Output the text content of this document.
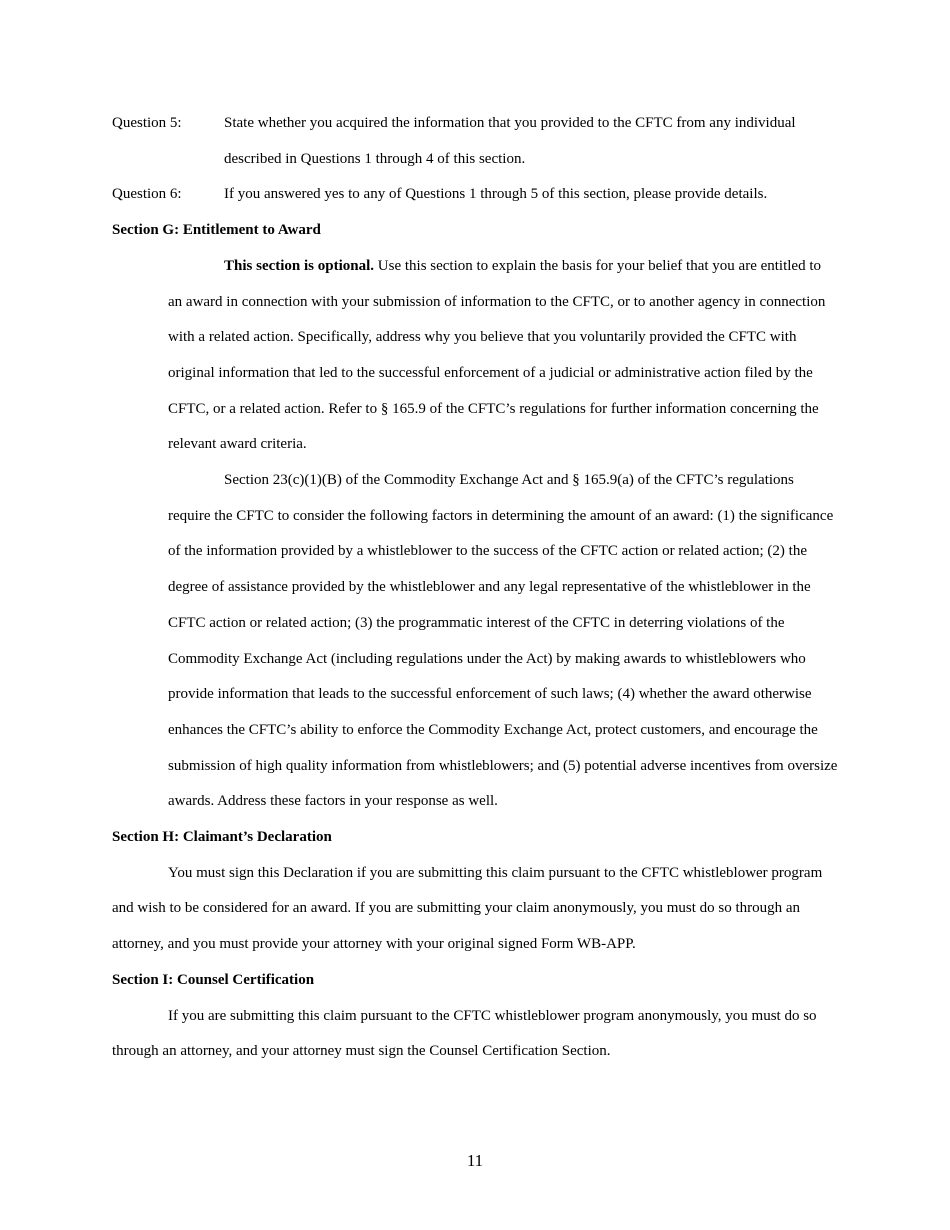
Question 5:	State whether you acquired the information that you provided to the CFTC from any individual described in Questions 1 through 4 of this section.
Question 6:	If you answered yes to any of Questions 1 through 5 of this section, please provide details.
Section G: Entitlement to Award

This section is optional. Use this section to explain the basis for your belief that you are entitled to an award in connection with your submission of information to the CFTC, or to another agency in connection with a related action. Specifically, address why you believe that you voluntarily provided the CFTC with original information that led to the successful enforcement of a judicial or administrative action filed by the CFTC, or a related action. Refer to § 165.9 of the CFTC’s regulations for further information concerning the relevant award criteria.

Section 23(c)(1)(B) of the Commodity Exchange Act and § 165.9(a) of the CFTC’s regulations require the CFTC to consider the following factors in determining the amount of an award: (1) the significance of the information provided by a whistleblower to the success of the CFTC action or related action; (2) the degree of assistance provided by the whistleblower and any legal representative of the whistleblower in the CFTC action or related action; (3) the programmatic interest of the CFTC in deterring violations of the Commodity Exchange Act (including regulations under the Act) by making awards to whistleblowers who provide information that leads to the successful enforcement of such laws; (4) whether the award otherwise enhances the CFTC’s ability to enforce the Commodity Exchange Act, protect customers, and encourage the submission of high quality information from whistleblowers; and (5) potential adverse incentives from oversize awards. Address these factors in your response as well.

Section H: Claimant’s Declaration

You must sign this Declaration if you are submitting this claim pursuant to the CFTC whistleblower program and wish to be considered for an award. If you are submitting your claim anonymously, you must do so through an attorney, and you must provide your attorney with your original signed Form WB-APP.

Section I: Counsel Certification

If you are submitting this claim pursuant to the CFTC whistleblower program anonymously, you must do so through an attorney, and your attorney must sign the Counsel Certification Section.

11
